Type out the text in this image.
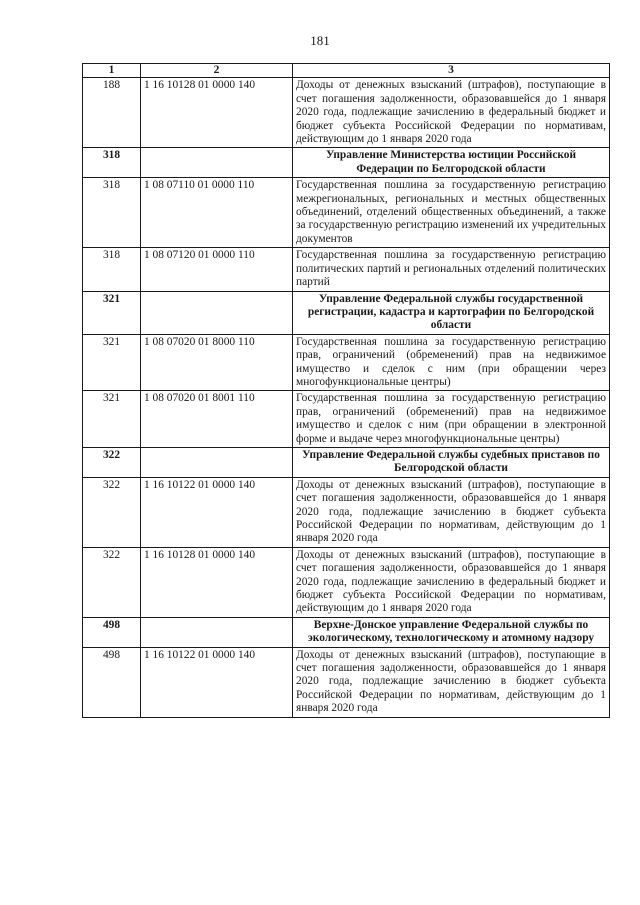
181
1	2	3
188	1 16 10128 01 0000 140	Доходы от денежных взысканий (штрафов), поступающие в счет погашения задолженности, образовавшейся до 1 января 2020 года, подлежащие зачислению в федеральный бюджет и бюджет субъекта Российской Федерации по нормативам, действующим до 1 января 2020 года
318		Управление Министерства юстиции Российской Федерации по Белгородской области
318	1 08 07110 01 0000 110	Государственная пошлина за государственную регистрацию межрегиональных, региональных и местных общественных объединений, отделений общественных объединений, а также за государственную регистрацию изменений их учредительных документов
318	1 08 07120 01 0000 110	Государственная пошлина за государственную регистрацию политических партий и региональных отделений политических партий
321		Управление Федеральной службы государственной регистрации, кадастра и картографии по Белгородской области
321	1 08 07020 01 8000 110	Государственная пошлина за государственную регистрацию прав, ограничений (обременений) прав на недвижимое имущество и сделок с ним (при обращении через многофункциональные центры)
321	1 08 07020 01 8001 110	Государственная пошлина за государственную регистрацию прав, ограничений (обременений) прав на недвижимое имущество и сделок с ним (при обращении в электронной форме и выдаче через многофункциональные центры)
322		Управление Федеральной службы судебных приставов по Белгородской области
322	1 16 10122 01 0000 140	Доходы от денежных взысканий (штрафов), поступающие в счет погашения задолженности, образовавшейся до 1 января 2020 года, подлежащие зачислению в бюджет субъекта Российской Федерации по нормативам, действующим до 1 января 2020 года
322	1 16 10128 01 0000 140	Доходы от денежных взысканий (штрафов), поступающие в счет погашения задолженности, образовавшейся до 1 января 2020 года, подлежащие зачислению в федеральный бюджет и бюджет субъекта Российской Федерации по нормативам, действующим до 1 января 2020 года
498		Верхне-Донское управление Федеральной службы по экологическому, технологическому и атомному надзору
498	1 16 10122 01 0000 140	Доходы от денежных взысканий (штрафов), поступающие в счет погашения задолженности, образовавшейся до 1 января 2020 года, подлежащие зачислению в бюджет субъекта Российской Федерации по нормативам, действующим до 1 января 2020 года
